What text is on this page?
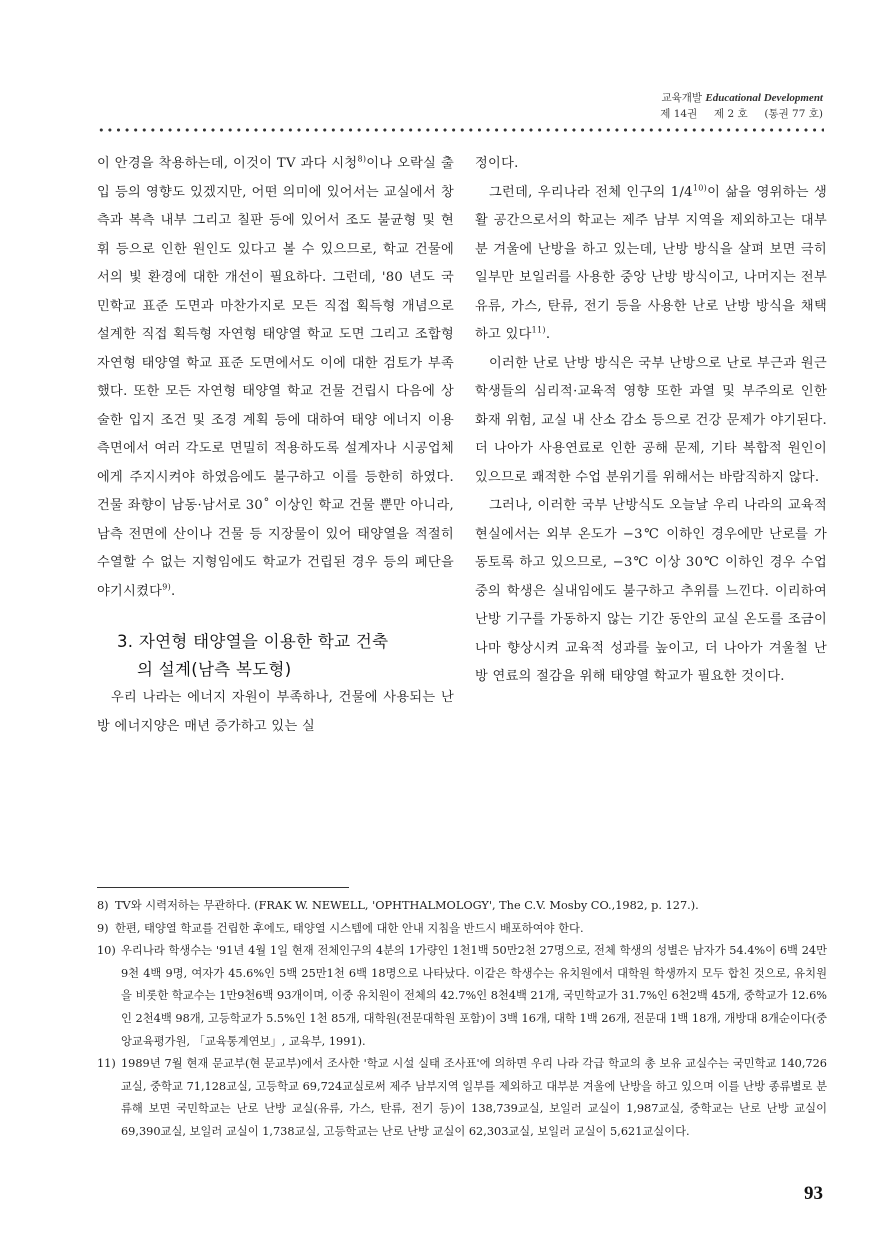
교육개발 Educational Development
제 14권 제 2 호 (통권 77 호)

이 안경을 착용하는데, 이것이 TV 과다 시청$^{8)}$이나 오락실 출입 등의 영향도 있겠지만, 어떤 의미에 있어서는 교실에서 창측과 복측 내부 그리고 칠판 등에 있어서 조도 불균형 및 현휘 등으로 인한 원인도 있다고 볼 수 있으므로, 학교 건물에서의 빛 환경에 대한 개선이 필요하다. 그런데, '80 년도 국민학교 표준 도면과 마찬가지로 모든 직접 획득형 개념으로 설계한 직접 획득형 자연형 태양열 학교 도면 그리고 조합형 자연형 태양열 학교 표준 도면에서도 이에 대한 검토가 부족했다. 또한 모든 자연형 태양열 학교 건물 건립시 다음에 상술한 입지 조건 및 조경 계획 등에 대하여 태양 에너지 이용 측면에서 여러 각도로 면밀히 적용하도록 설계자나 시공업체에게 주지시켜야 하였음에도 불구하고 이를 등한히 하였다. 건물 좌향이 남동·남서로 30˚ 이상인 학교 건물 뿐만 아니라, 남측 전면에 산이나 건물 등 지장물이 있어 태양열을 적절히 수열할 수 없는 지형임에도 학교가 건립된 경우 등의 폐단을 야기시켰다$^{9)}$.

3. 자연형 태양열을 이용한 학교 건축
의 설계(남측 복도형)

우리 나라는 에너지 자원이 부족하나, 건물에 사용되는 난방 에너지양은 매년 증가하고 있는 실

정이다.

그런데, 우리나라 전체 인구의 1/4$^{10)}$이 삶을 영위하는 생활 공간으로서의 학교는 제주 남부 지역을 제외하고는 대부분 겨울에 난방을 하고 있는데, 난방 방식을 살펴 보면 극히 일부만 보일러를 사용한 중앙 난방 방식이고, 나머지는 전부 유류, 가스, 탄류, 전기 등을 사용한 난로 난방 방식을 채택하고 있다$^{11)}$.

이러한 난로 난방 방식은 국부 난방으로 난로 부근과 원근 학생들의 심리적·교육적 영향 또한 과열 및 부주의로 인한 화재 위험, 교실 내 산소 감소 등으로 건강 문제가 야기된다. 더 나아가 사용연료로 인한 공해 문제, 기타 복합적 원인이 있으므로 쾌적한 수업 분위기를 위해서는 바람직하지 않다.

그러나, 이러한 국부 난방식도 오늘날 우리 나라의 교육적 현실에서는 외부 온도가 −3℃ 이하인 경우에만 난로를 가동토록 하고 있으므로, −3℃ 이상 30℃ 이하인 경우 수업중의 학생은 실내임에도 불구하고 추위를 느낀다. 이리하여 난방 기구를 가동하지 않는 기간 동안의 교실 온도를 조금이나마 향상시켜 교육적 성과를 높이고, 더 나아가 겨울철 난방 연료의 절감을 위해 태양열 학교가 필요한 것이다.

8) TV와 시력저하는 무관하다. (FRAK W. NEWELL, 'OPHTHALMOLOGY', The C.V. Mosby CO.,1982, p. 127.).
9) 한편, 태양열 학교를 건립한 후에도, 태양열 시스템에 대한 안내 지침을 반드시 배포하여야 한다.
10) 우리나라 학생수는 '91년 4월 1일 현재 전체인구의 4분의 1가량인 1천1백 50만2천 27명으로, 전체 학생의 성별은 남자가 54.4%이 6백 24만9천 4백 9명, 여자가 45.6%인 5백 25만1천 6백 18명으로 나타났다. 이같은 학생수는 유치원에서 대학원 학생까지 모두 합친 것으로, 유치원을 비롯한 학교수는 1만9천6백 93개이며, 이중 유치원이 전체의 42.7%인 8천4백 21개, 국민학교가 31.7%인 6천2백 45개, 중학교가 12.6%인 2천4백 98개, 고등학교가 5.5%인 1천 85개, 대학원(전문대학원 포함)이 3백 16개, 대학 1백 26개, 전문대 1백 18개, 개방대 8개순이다(중앙교육평가원, 「교육통계연보」, 교육부, 1991).
11) 1989년 7월 현재 문교부(현 문교부)에서 조사한 '학교 시설 실태 조사표'에 의하면 우리 나라 각급 학교의 총 보유 교실수는 국민학교 140,726교실, 중학교 71,128교실, 고등학교 69,724교실로써 제주 남부지역 일부를 제외하고 대부분 겨울에 난방을 하고 있으며 이를 난방 종류별로 분류해 보면 국민학교는 난로 난방 교실(유류, 가스, 탄류, 전기 등)이 138,739교실, 보일러 교실이 1,987교실, 중학교는 난로 난방 교실이 69,390교실, 보일러 교실이 1,738교실, 고등학교는 난로 난방 교실이 62,303교실, 보일러 교실이 5,621교실이다.
93
